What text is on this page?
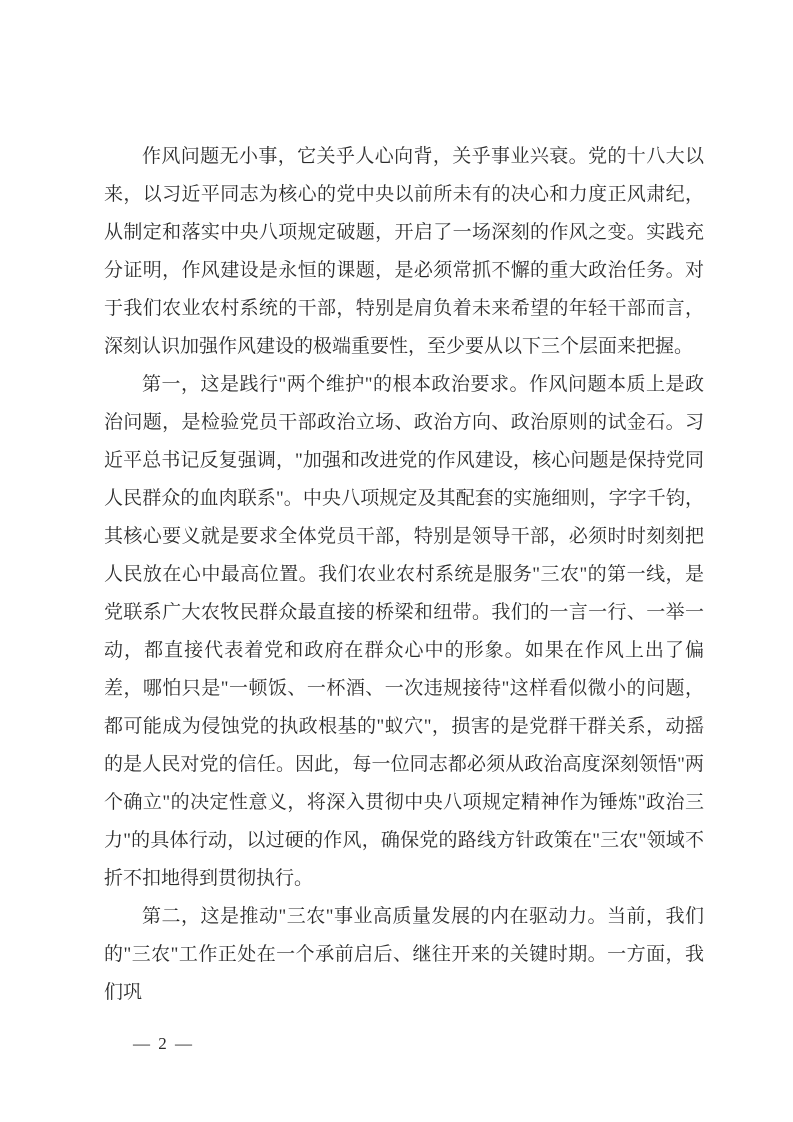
作风问题无小事，它关乎人心向背，关乎事业兴衰。党的十八大以来，以习近平同志为核心的党中央以前所未有的决心和力度正风肃纪，从制定和落实中央八项规定破题，开启了一场深刻的作风之变。实践充分证明，作风建设是永恒的课题，是必须常抓不懈的重大政治任务。对于我们农业农村系统的干部，特别是肩负着未来希望的年轻干部而言，深刻认识加强作风建设的极端重要性，至少要从以下三个层面来把握。

第一，这是践行"两个维护"的根本政治要求。作风问题本质上是政治问题，是检验党员干部政治立场、政治方向、政治原则的试金石。习近平总书记反复强调，"加强和改进党的作风建设，核心问题是保持党同人民群众的血肉联系"。中央八项规定及其配套的实施细则，字字千钧，其核心要义就是要求全体党员干部，特别是领导干部，必须时时刻刻把人民放在心中最高位置。我们农业农村系统是服务"三农"的第一线，是党联系广大农牧民群众最直接的桥梁和纽带。我们的一言一行、一举一动，都直接代表着党和政府在群众心中的形象。如果在作风上出了偏差，哪怕只是"一顿饭、一杯酒、一次违规接待"这样看似微小的问题，都可能成为侵蚀党的执政根基的"蚁穴"，损害的是党群干群关系，动摇的是人民对党的信任。因此，每一位同志都必须从政治高度深刻领悟"两个确立"的决定性意义，将深入贯彻中央八项规定精神作为锤炼"政治三力"的具体行动，以过硬的作风，确保党的路线方针政策在"三农"领域不折不扣地得到贯彻执行。

第二，这是推动"三农"事业高质量发展的内在驱动力。当前，我们的"三农"工作正处在一个承前启后、继往开来的关键时期。一方面，我们巩

— 2 —
